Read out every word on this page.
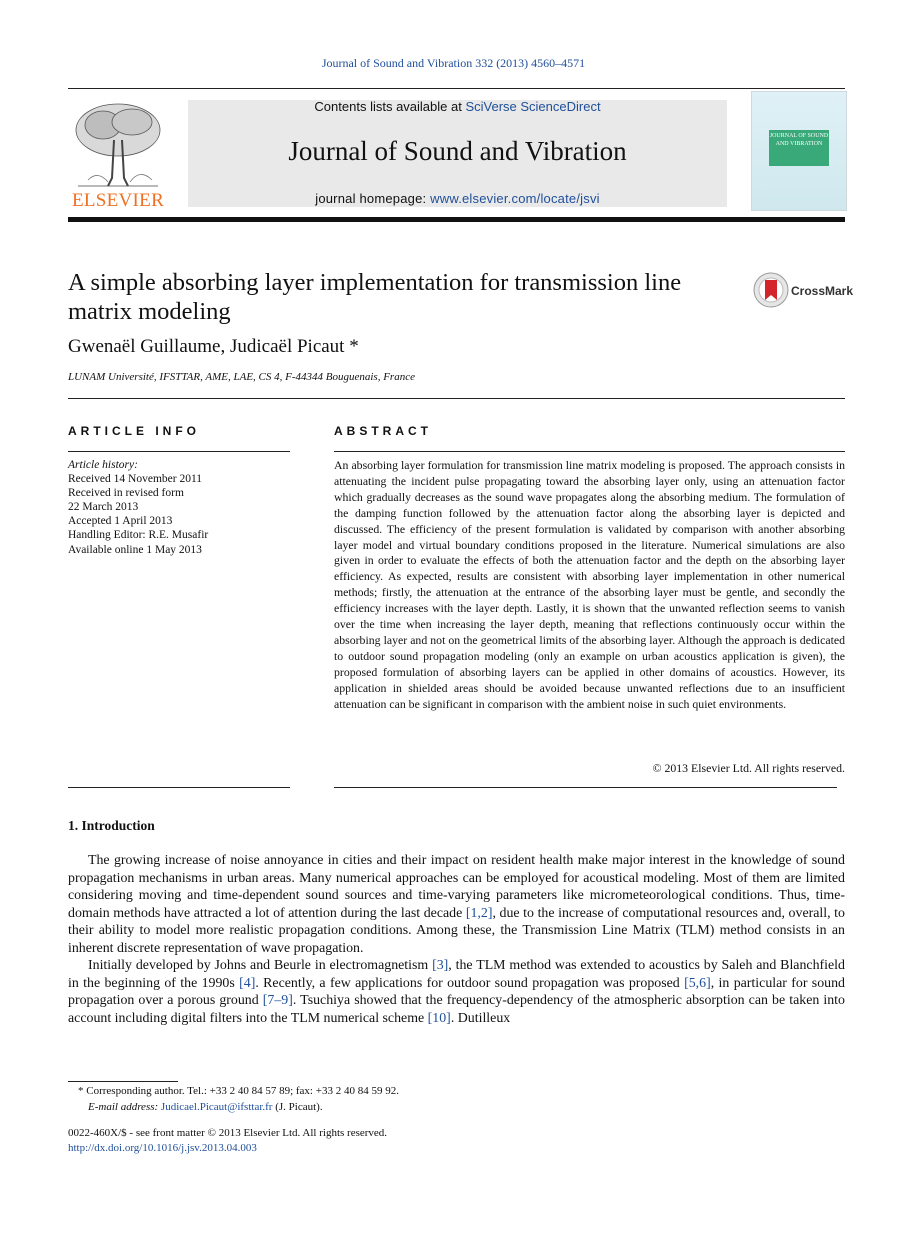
Journal of Sound and Vibration 332 (2013) 4560–4571
ELSEVIER
Contents lists available at SciVerse ScienceDirect
Journal of Sound and Vibration
journal homepage: www.elsevier.com/locate/jsvi
JOURNAL OF SOUND AND VIBRATION
A simple absorbing layer implementation for transmission line matrix modeling
CrossMark
Gwenaël Guillaume, Judicaël Picaut *
LUNAM Université, IFSTTAR, AME, LAE, CS 4, F-44344 Bouguenais, France
ARTICLE INFO
Article history:
Received 14 November 2011
Received in revised form
22 March 2013
Accepted 1 April 2013
Handling Editor: R.E. Musafir
Available online 1 May 2013
ABSTRACT
An absorbing layer formulation for transmission line matrix modeling is proposed. The approach consists in attenuating the incident pulse propagating toward the absorbing layer only, using an attenuation factor which gradually decreases as the sound wave propagates along the absorbing medium. The formulation of the damping function followed by the attenuation factor along the absorbing layer is depicted and discussed. The efficiency of the present formulation is validated by comparison with another absorbing layer model and virtual boundary conditions proposed in the literature. Numerical simulations are also given in order to evaluate the effects of both the attenuation factor and the depth on the absorbing layer efficiency. As expected, results are consistent with absorbing layer implementation in other numerical methods; firstly, the attenuation at the entrance of the absorbing layer must be gentle, and secondly the efficiency increases with the layer depth. Lastly, it is shown that the unwanted reflection seems to vanish over the time when increasing the layer depth, meaning that reflections continuously occur within the absorbing layer and not on the geometrical limits of the absorbing layer. Although the approach is dedicated to outdoor sound propagation modeling (only an example on urban acoustics application is given), the proposed formulation of absorbing layers can be applied in other domains of acoustics. However, its application in shielded areas should be avoided because unwanted reflections due to an insufficient attenuation can be significant in comparison with the ambient noise in such quiet environments.
© 2013 Elsevier Ltd. All rights reserved.
1. Introduction

The growing increase of noise annoyance in cities and their impact on resident health make major interest in the knowledge of sound propagation mechanisms in urban areas. Many numerical approaches can be employed for acoustical modeling. Most of them are limited considering moving and time-dependent sound sources and time-varying parameters like micrometeorological conditions. Thus, time-domain methods have attracted a lot of attention during the last decade [1,2], due to the increase of computational resources and, overall, to their ability to model more realistic propagation conditions. Among these, the Transmission Line Matrix (TLM) method consists in an inherent discrete representation of wave propagation.

Initially developed by Johns and Beurle in electromagnetism [3], the TLM method was extended to acoustics by Saleh and Blanchfield in the beginning of the 1990s [4]. Recently, a few applications for outdoor sound propagation was proposed [5,6], in particular for sound propagation over a porous ground [7–9]. Tsuchiya showed that the frequency-dependency of the atmospheric absorption can be taken into account including digital filters into the TLM numerical scheme [10]. Dutilleux

* Corresponding author. Tel.: +33 2 40 84 57 89; fax: +33 2 40 84 59 92.
E-mail address: Judicael.Picaut@ifsttar.fr (J. Picaut).
0022-460X/$ - see front matter © 2013 Elsevier Ltd. All rights reserved.
http://dx.doi.org/10.1016/j.jsv.2013.04.003
